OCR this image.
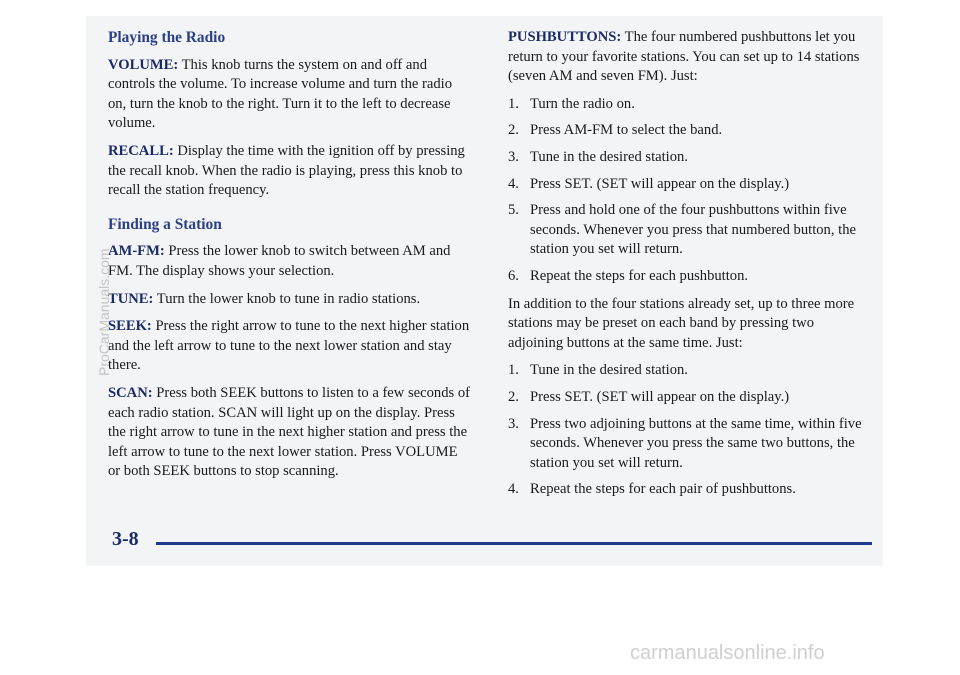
Playing the Radio

VOLUME: This knob turns the system on and off and controls the volume. To increase volume and turn the radio on, turn the knob to the right. Turn it to the left to decrease volume.

RECALL: Display the time with the ignition off by pressing the recall knob. When the radio is playing, press this knob to recall the station frequency.

Finding a Station

AM-FM: Press the lower knob to switch between AM and FM. The display shows your selection.

TUNE: Turn the lower knob to tune in radio stations.

SEEK: Press the right arrow to tune to the next higher station and the left arrow to tune to the next lower station and stay there.

SCAN: Press both SEEK buttons to listen to a few seconds of each radio station. SCAN will light up on the display. Press the right arrow to tune in the next higher station and press the left arrow to tune to the next lower station. Press VOLUME or both SEEK buttons to stop scanning.

PUSHBUTTONS: The four numbered pushbuttons let you return to your favorite stations. You can set up to 14 stations (seven AM and seven FM). Just:

1. Turn the radio on.
2. Press AM-FM to select the band.
3. Tune in the desired station.
4. Press SET. (SET will appear on the display.)
5. Press and hold one of the four pushbuttons within five seconds. Whenever you press that numbered button, the station you set will return.
6. Repeat the steps for each pushbutton.

In addition to the four stations already set, up to three more stations may be preset on each band by pressing two adjoining buttons at the same time. Just:

1. Tune in the desired station.
2. Press SET. (SET will appear on the display.)
3. Press two adjoining buttons at the same time, within five seconds. Whenever you press the same two buttons, the station you set will return.
4. Repeat the steps for each pair of pushbuttons.
3-8
ProCarManuals.com
carmanualsonline.info
